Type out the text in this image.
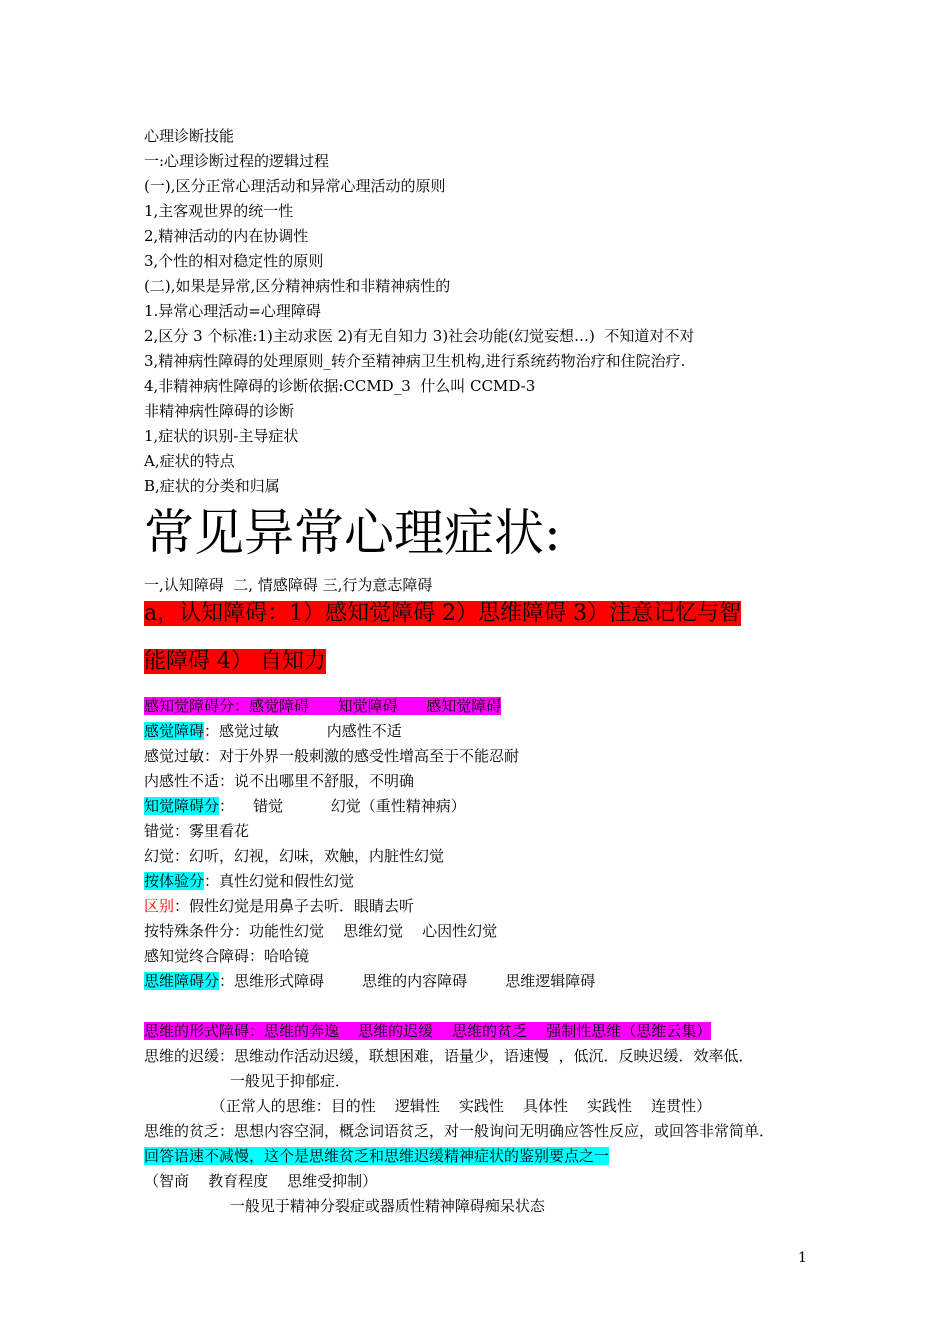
心理诊断技能
一:心理诊断过程的逻辑过程
(一),区分正常心理活动和异常心理活动的原则
1,主客观世界的统一性
2,精神活动的内在协调性
3,个性的相对稳定性的原则
(二),如果是异常,区分精神病性和非精神病性的
1.异常心理活动=心理障碍
2,区分 3 个标准:1)主动求医 2)有无自知力 3)社会功能(幻觉妄想…)  不知道对不对
3,精神病性障碍的处理原则_转介至精神病卫生机构,进行系统药物治疗和住院治疗.
4,非精神病性障碍的诊断依据:CCMD_3  什么叫 CCMD-3
非精神病性障碍的诊断
1,症状的识别-主导症状
A,症状的特点
B,症状的分类和归属
常见异常心理症状:
一,认知障碍  二, 情感障碍 三,行为意志障碍
a，认知障碍：1）感知觉障碍 2）思维障碍 3）注意记忆与智
能障碍 4） 自知力
感知觉障碍分：感觉障碍      知觉障碍      感知觉障碍
感觉障碍：感觉过敏          内感性不适
感觉过敏：对于外界一般刺激的感受性增高至于不能忍耐
内感性不适：说不出哪里不舒服，不明确
知觉障碍分：    错觉          幻觉（重性精神病）
错觉：雾里看花
幻觉：幻听，幻视，幻味，欢触，内脏性幻觉
按体验分：真性幻觉和假性幻觉
区别：假性幻觉是用鼻子去听．眼睛去听
按特殊条件分：功能性幻觉    思维幻觉    心因性幻觉
感知觉终合障碍：哈哈镜
思维障碍分：思维形式障碍        思维的内容障碍        思维逻辑障碍
思维的形式障碍：思维的奔逸    思维的迟缓    思维的贫乏    强制性思维（思维云集）
思维的迟缓：思维动作活动迟缓，联想困难，语量少，语速慢  ，低沉．反映迟缓．效率低．
一般见于抑郁症．
（正常人的思维：目的性    逻辑性    实践性    具体性    实践性    连贯性）
思维的贫乏：思想内容空洞，概念词语贫乏，对一般询问无明确应答性反应，或回答非常简单．
回答语速不减慢，这个是思维贫乏和思维迟缓精神症状的鉴别要点之一
（智商    教育程度    思维受抑制）
一般见于精神分裂症或器质性精神障碍痴呆状态
1
